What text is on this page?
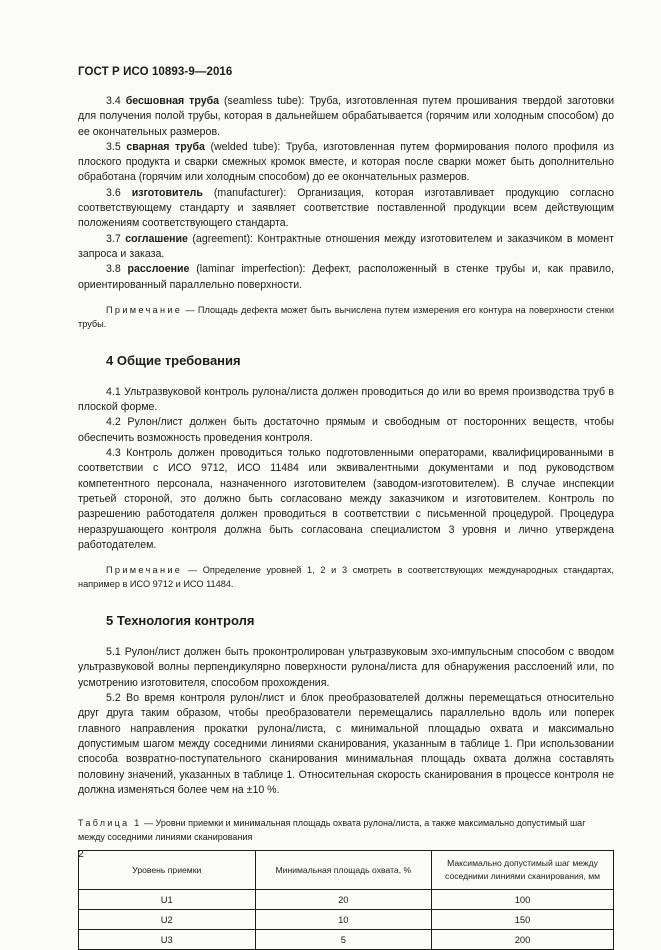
ГОСТ Р ИСО 10893-9—2016

3.4 бесшовная труба (seamless tube): Труба, изготовленная путем прошивания твердой заготовки для получения полой трубы, которая в дальнейшем обрабатывается (горячим или холодным способом) до ее окончательных размеров.

3.5 сварная труба (welded tube): Труба, изготовленная путем формирования полого профиля из плоского продукта и сварки смежных кромок вместе, и которая после сварки может быть дополнительно обработана (горячим или холодным способом) до ее окончательных размеров.

3.6 изготовитель (manufacturer): Организация, которая изготавливает продукцию согласно соответствующему стандарту и заявляет соответствие поставленной продукции всем действующим положениям соответствующего стандарта.

3.7 соглашение (agreement): Контрактные отношения между изготовителем и заказчиком в момент запроса и заказа.

3.8 расслоение (laminar imperfection): Дефект, расположенный в стенке трубы и, как правило, ориентированный параллельно поверхности.

Примечание — Площадь дефекта может быть вычислена путем измерения его контура на поверхности стенки трубы.

4 Общие требования

4.1 Ультразвуковой контроль рулона/листа должен проводиться до или во время производства труб в плоской форме.

4.2 Рулон/лист должен быть достаточно прямым и свободным от посторонних веществ, чтобы обеспечить возможность проведения контроля.

4.3 Контроль должен проводиться только подготовленными операторами, квалифицированными в соответствии с ИСО 9712, ИСО 11484 или эквивалентными документами и под руководством компетентного персонала, назначенного изготовителем (заводом-изготовителем). В случае инспекции третьей стороной, это должно быть согласовано между заказчиком и изготовителем. Контроль по разрешению работодателя должен проводиться в соответствии с письменной процедурой. Процедура неразрушающего контроля должна быть согласована специалистом 3 уровня и лично утверждена работодателем.

Примечание — Определение уровней 1, 2 и 3 смотреть в соответствующих международных стандартах, например в ИСО 9712 и ИСО 11484.

5 Технология контроля

5.1 Рулон/лист должен быть проконтролирован ультразвуковым эхо-импульсным способом с вводом ультразвуковой волны перпендикулярно поверхности рулона/листа для обнаружения расслоений или, по усмотрению изготовителя, способом прохождения.

5.2 Во время контроля рулон/лист и блок преобразователей должны перемещаться относительно друг друга таким образом, чтобы преобразователи перемещались параллельно вдоль или поперек главного направления прокатки рулона/листа, с минимальной площадью охвата и максимально допустимым шагом между соседними линиями сканирования, указанным в таблице 1. При использовании способа возвратно-поступательного сканирования минимальная площадь охвата должна составлять половину значений, указанных в таблице 1. Относительная скорость сканирования в процессе контроля не должна изменяться более чем на ±10 %.

Таблица 1 — Уровни приемки и минимальная площадь охвата рулона/листа, а также максимально допустимый шаг между соседними линиями сканирования
Уровень приемки	Минимальная площадь охвата, %	Максимально допустимый шаг между соседними линиями сканирования, мм
U1	20	100
U2	10	150
U3	5	200
2
